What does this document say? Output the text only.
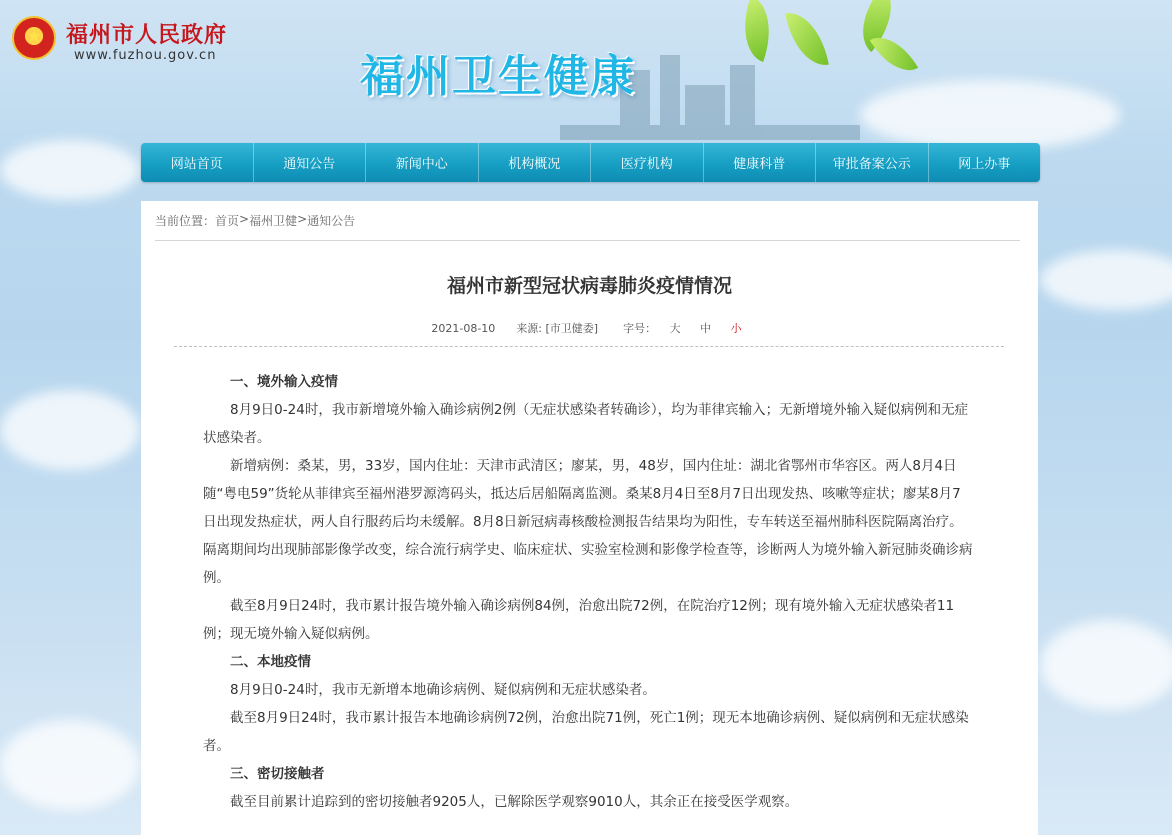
★
福州市人民政府
www.fuzhou.gov.cn	福州卫生健康
网站首页	通知公告	新闻中心	机构概况	医疗机构	健康科普	审批备案公示	网上办事
当前位置： 首页 > 福州卫健 > 通知公告
福州市新型冠状病毒肺炎疫情情况
2021-08-10 来源: [市卫健委] 字号： 大 中 小
一、境外输入疫情

8月9日0-24时，我市新增境外输入确诊病例2例（无症状感染者转确诊），均为菲律宾输入；无新增境外输入疑似病例和无症状感染者。

新增病例：桑某，男，33岁，国内住址：天津市武清区；廖某，男，48岁，国内住址：湖北省鄂州市华容区。两人8月4日随“粤电59”货轮从菲律宾至福州港罗源湾码头，抵达后居船隔离监测。桑某8月4日至8月7日出现发热、咳嗽等症状；廖某8月7日出现发热症状，两人自行服药后均未缓解。8月8日新冠病毒核酸检测报告结果均为阳性，专车转送至福州肺科医院隔离治疗。隔离期间均出现肺部影像学改变，综合流行病学史、临床症状、实验室检测和影像学检查等，诊断两人为境外输入新冠肺炎确诊病例。

截至8月9日24时，我市累计报告境外输入确诊病例84例，治愈出院72例，在院治疗12例；现有境外输入无症状感染者11例；现无境外输入疑似病例。

二、本地疫情

8月9日0-24时，我市无新增本地确诊病例、疑似病例和无症状感染者。

截至8月9日24时，我市累计报告本地确诊病例72例，治愈出院71例，死亡1例；现无本地确诊病例、疑似病例和无症状感染者。

三、密切接触者

截至目前累计追踪到的密切接触者9205人，已解除医学观察9010人，其余正在接受医学观察。
